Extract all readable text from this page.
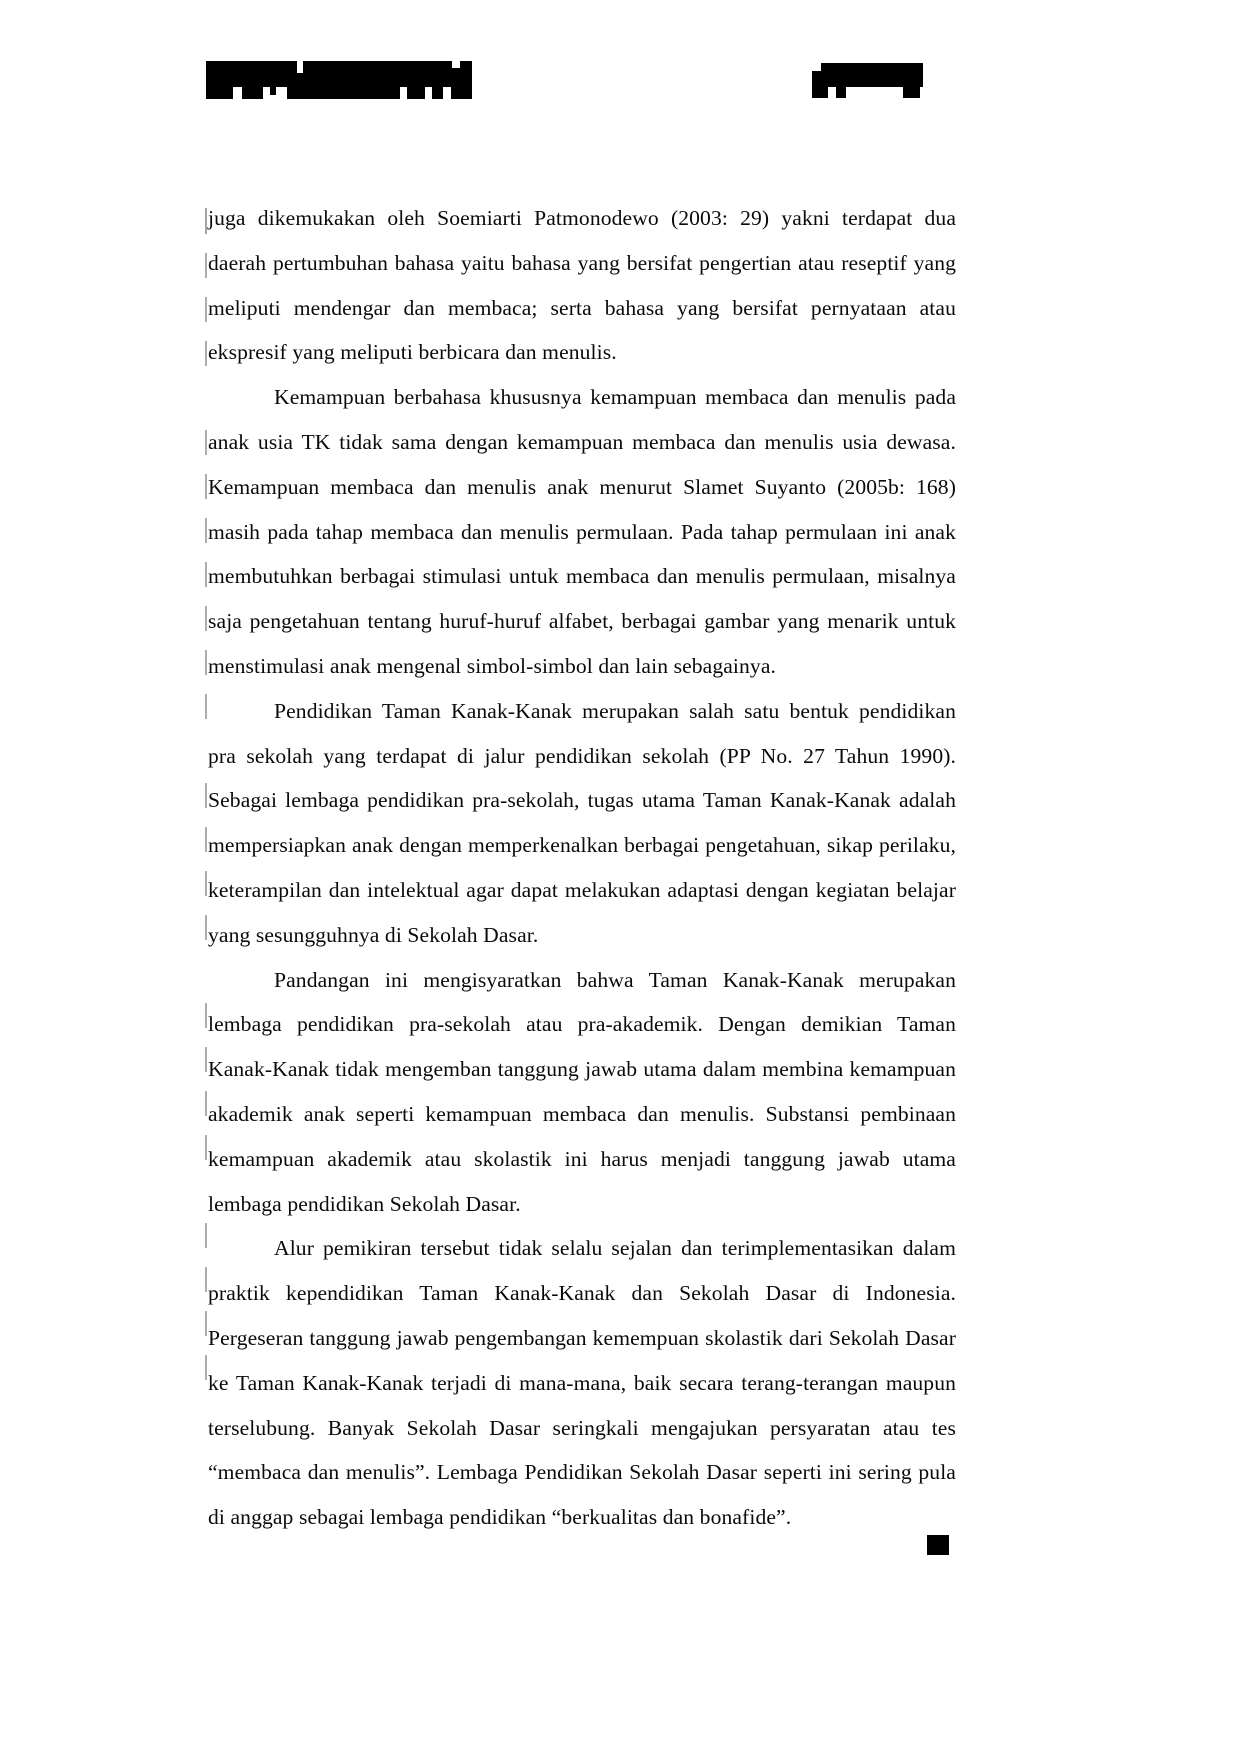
juga dikemukakan oleh Soemiarti Patmonodewo (2003: 29) yakni terdapat dua daerah pertumbuhan bahasa yaitu bahasa yang bersifat pengertian atau reseptif yang meliputi mendengar dan membaca; serta bahasa yang bersifat pernyataan atau ekspresif yang meliputi berbicara dan menulis.

Kemampuan berbahasa khususnya kemampuan membaca dan menulis pada anak usia TK tidak sama dengan kemampuan membaca dan menulis usia dewasa. Kemampuan membaca dan menulis anak menurut Slamet Suyanto (2005b: 168) masih pada tahap membaca dan menulis permulaan. Pada tahap permulaan ini anak membutuhkan berbagai stimulasi untuk membaca dan menulis permulaan, misalnya saja pengetahuan tentang huruf-huruf alfabet, berbagai gambar yang menarik untuk menstimulasi anak mengenal simbol-simbol dan lain sebagainya.

Pendidikan Taman Kanak-Kanak merupakan salah satu bentuk pendidikan pra sekolah yang terdapat di jalur pendidikan sekolah (PP No. 27 Tahun 1990). Sebagai lembaga pendidikan pra-sekolah, tugas utama Taman Kanak-Kanak adalah mempersiapkan anak dengan memperkenalkan berbagai pengetahuan, sikap perilaku, keterampilan dan intelektual agar dapat melakukan adaptasi dengan kegiatan belajar yang sesungguhnya di Sekolah Dasar.

Pandangan ini mengisyaratkan bahwa Taman Kanak-Kanak merupakan lembaga pendidikan pra-sekolah atau pra-akademik. Dengan demikian Taman Kanak-Kanak tidak mengemban tanggung jawab utama dalam membina kemampuan akademik anak seperti kemampuan membaca dan menulis. Substansi pembinaan kemampuan akademik atau skolastik ini harus menjadi tanggung jawab utama lembaga pendidikan Sekolah Dasar.

Alur pemikiran tersebut tidak selalu sejalan dan terimplementasikan dalam praktik kependidikan Taman Kanak-Kanak dan Sekolah Dasar di Indonesia. Pergeseran tanggung jawab pengembangan kemempuan skolastik dari Sekolah Dasar ke Taman Kanak-Kanak terjadi di mana-mana, baik secara terang-terangan maupun terselubung. Banyak Sekolah Dasar seringkali mengajukan persyaratan atau tes “membaca dan menulis”. Lembaga Pendidikan Sekolah Dasar seperti ini sering pula di anggap sebagai lembaga pendidikan “berkualitas dan bonafide”.
